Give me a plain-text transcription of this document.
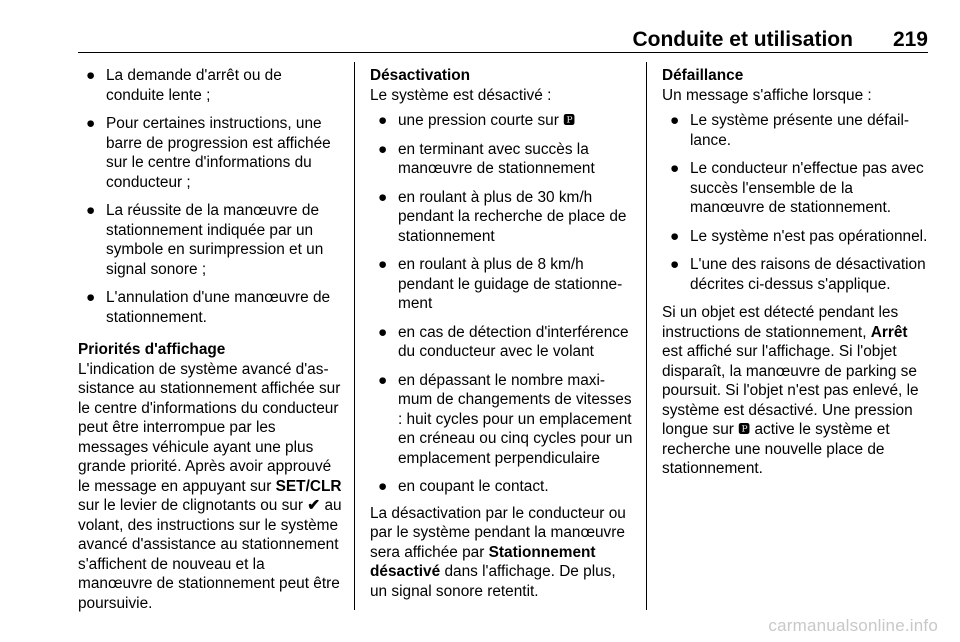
Conduite et utilisation 219
● La demande d'arrêt ou de conduite lente ;
● Pour certaines instructions, une barre de progression est affichée sur le centre d'informations du conducteur ;
● La réussite de la manœuvre de stationnement indiquée par un symbole en surimpression et un signal sonore ;
● L'annulation d'une manœuvre de stationnement.

Priorités d'affichage

L'indication de système avancé d'assistance au stationnement affichée sur le centre d'informations du conducteur peut être interrompue par les messages véhicule ayant une plus grande priorité. Après avoir approuvé le message en appuyant sur SET/CLR sur le levier de clignotants ou sur ✔ au volant, des instructions sur le système avancé d'assistance au stationnement s'affichent de nouveau et la manœuvre de stationnement peut être poursuivie.

Désactivation

Le système est désactivé :

● une pression courte sur 🅿
● en terminant avec succès la manœuvre de stationnement
● en roulant à plus de 30 km/h pendant la recherche de place de stationnement
● en roulant à plus de 8 km/h pendant le guidage de stationnement
● en cas de détection d'interférence du conducteur avec le volant
● en dépassant le nombre maximum de changements de vitesses : huit cycles pour un emplacement en créneau ou cinq cycles pour un emplacement perpendiculaire
● en coupant le contact.

La désactivation par le conducteur ou par le système pendant la manœuvre sera affichée par Stationnement désactivé dans l'affichage. De plus, un signal sonore retentit.

Défaillance

Un message s'affiche lorsque :

● Le système présente une défaillance.
● Le conducteur n'effectue pas avec succès l'ensemble de la manœuvre de stationnement.
● Le système n'est pas opérationnel.
● L'une des raisons de désactivation décrites ci-dessus s'applique.

Si un objet est détecté pendant les instructions de stationnement, Arrêt est affiché sur l'affichage. Si l'objet disparaît, la manœuvre de parking se poursuit. Si l'objet n'est pas enlevé, le système est désactivé. Une pression longue sur 🅿 active le système et recherche une nouvelle place de stationnement.

carmanualsonline.info
